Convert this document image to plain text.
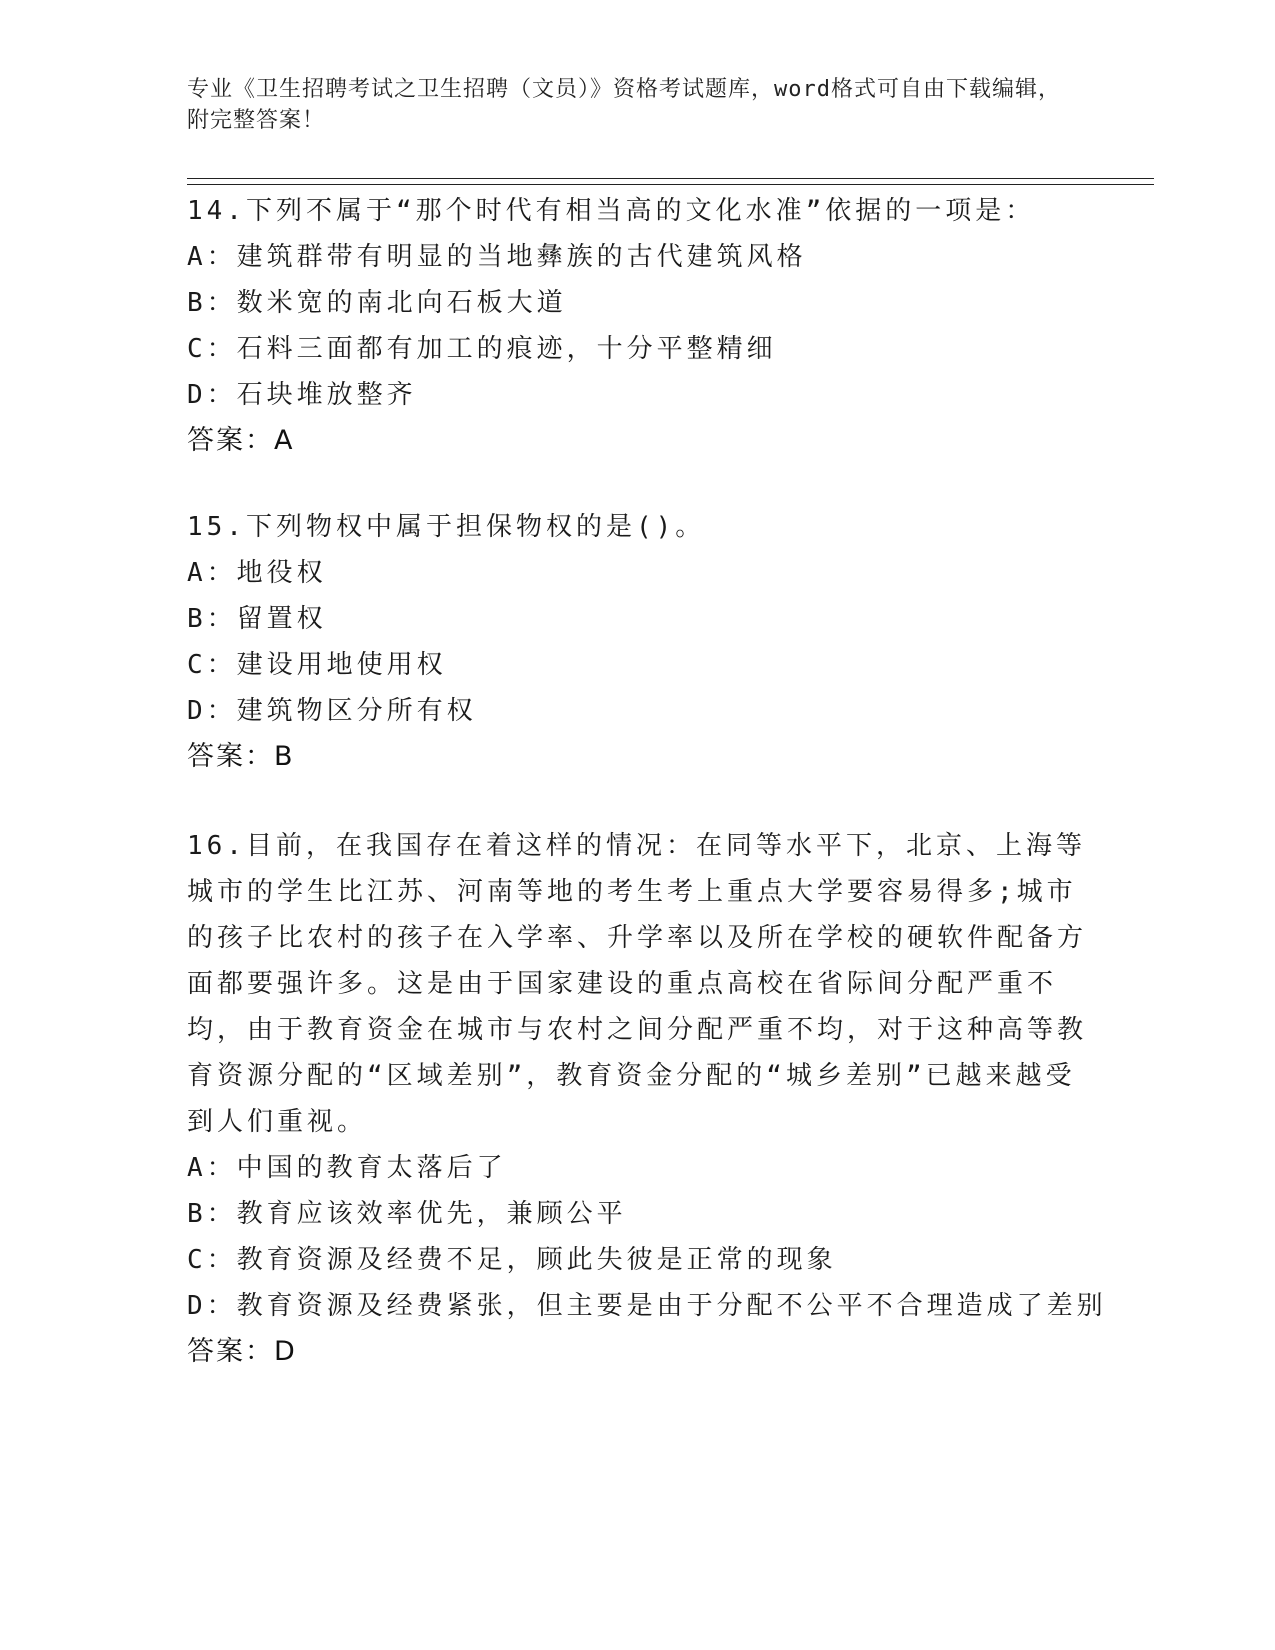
专业《卫生招聘考试之卫生招聘（文员）》资格考试题库，word格式可自由下载编辑，附完整答案！

14.下列不属于“那个时代有相当高的文化水准”依据的一项是：

A：建筑群带有明显的当地彝族的古代建筑风格

B：数米宽的南北向石板大道

C：石料三面都有加工的痕迹，十分平整精细

D：石块堆放整齐

答案：A

15.下列物权中属于担保物权的是()。

A：地役权

B：留置权

C：建设用地使用权

D：建筑物区分所有权

答案：B

16.目前，在我国存在着这样的情况：在同等水平下，北京、上海等城市的学生比江苏、河南等地的考生考上重点大学要容易得多;城市的孩子比农村的孩子在入学率、升学率以及所在学校的硬软件配备方面都要强许多。这是由于国家建设的重点高校在省际间分配严重不均，由于教育资金在城市与农村之间分配严重不均，对于这种高等教育资源分配的“区域差别”，教育资金分配的“城乡差别”已越来越受到人们重视。

A：中国的教育太落后了

B：教育应该效率优先，兼顾公平

C：教育资源及经费不足，顾此失彼是正常的现象

D：教育资源及经费紧张，但主要是由于分配不公平不合理造成了差别

答案：D
